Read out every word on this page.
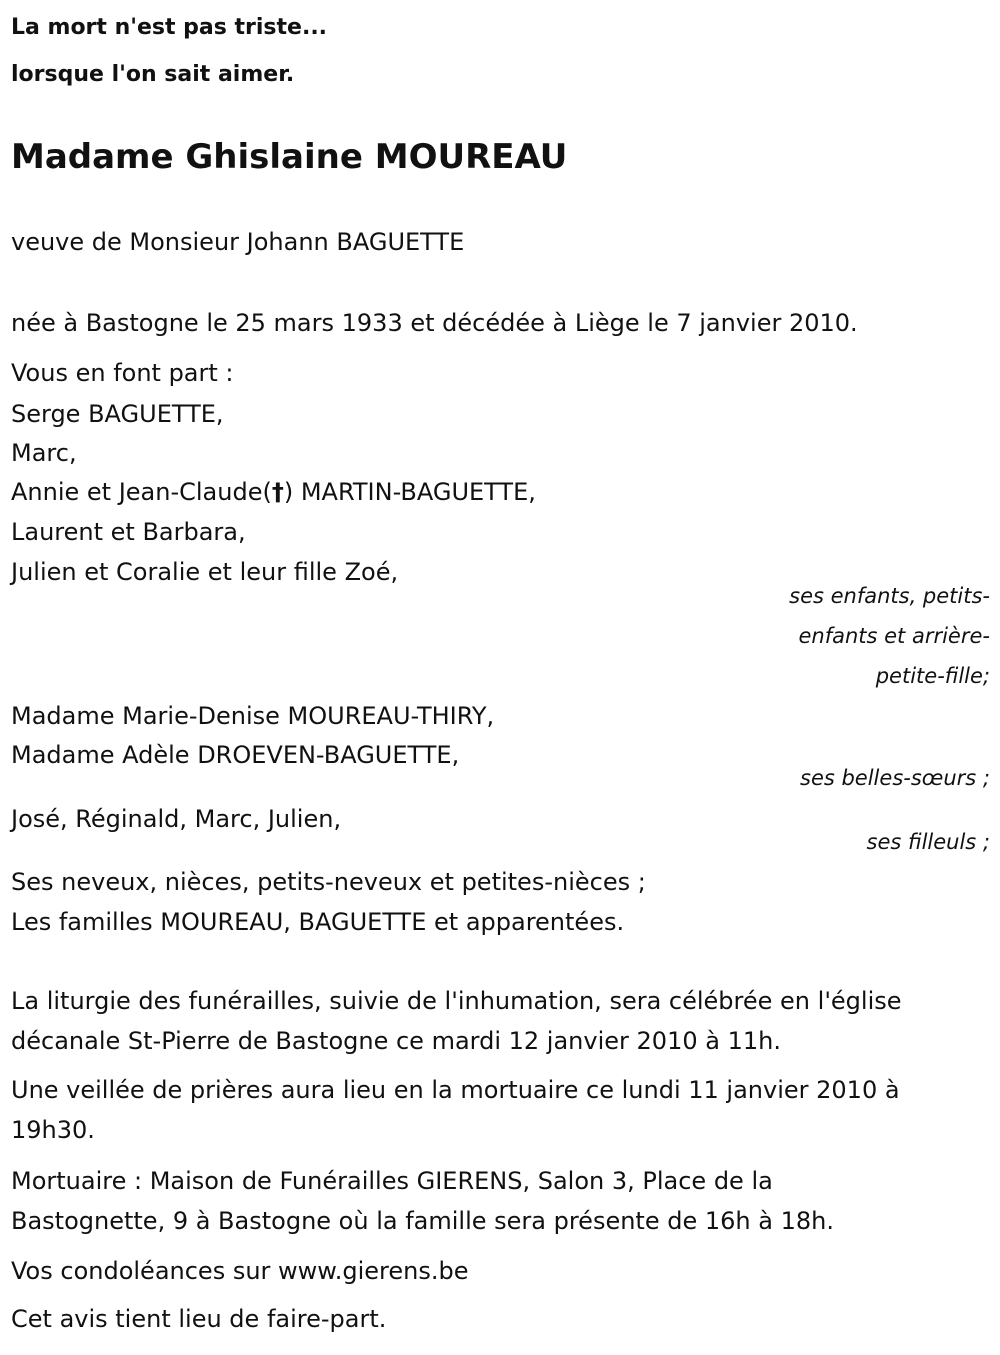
La mort n'est pas triste...
lorsque l'on sait aimer.
Madame Ghislaine MOUREAU
veuve de Monsieur Johann BAGUETTE
née à Bastogne le 25 mars 1933 et décédée à Liège le 7 janvier 2010.
Vous en font part :
Serge BAGUETTE,
Marc,
Annie et Jean-Claude(†) MARTIN-BAGUETTE,
Laurent et Barbara,
Julien et Coralie et leur fille Zoé,
ses enfants, petits-
enfants et arrière-
petite-fille;
Madame Marie-Denise MOUREAU-THIRY,
Madame Adèle DROEVEN-BAGUETTE,
ses belles-sœurs ;
José, Réginald, Marc, Julien,
ses filleuls ;
Ses neveux, nièces, petits-neveux et petites-nièces ;
Les familles MOUREAU, BAGUETTE et apparentées.
La liturgie des funérailles, suivie de l'inhumation, sera célébrée en l'église
décanale St-Pierre de Bastogne ce mardi 12 janvier 2010 à 11h.
Une veillée de prières aura lieu en la mortuaire ce lundi 11 janvier 2010 à
19h30.
Mortuaire : Maison de Funérailles GIERENS, Salon 3, Place de la
Bastognette, 9 à Bastogne où la famille sera présente de 16h à 18h.
Vos condoléances sur www.gierens.be
Cet avis tient lieu de faire-part.
